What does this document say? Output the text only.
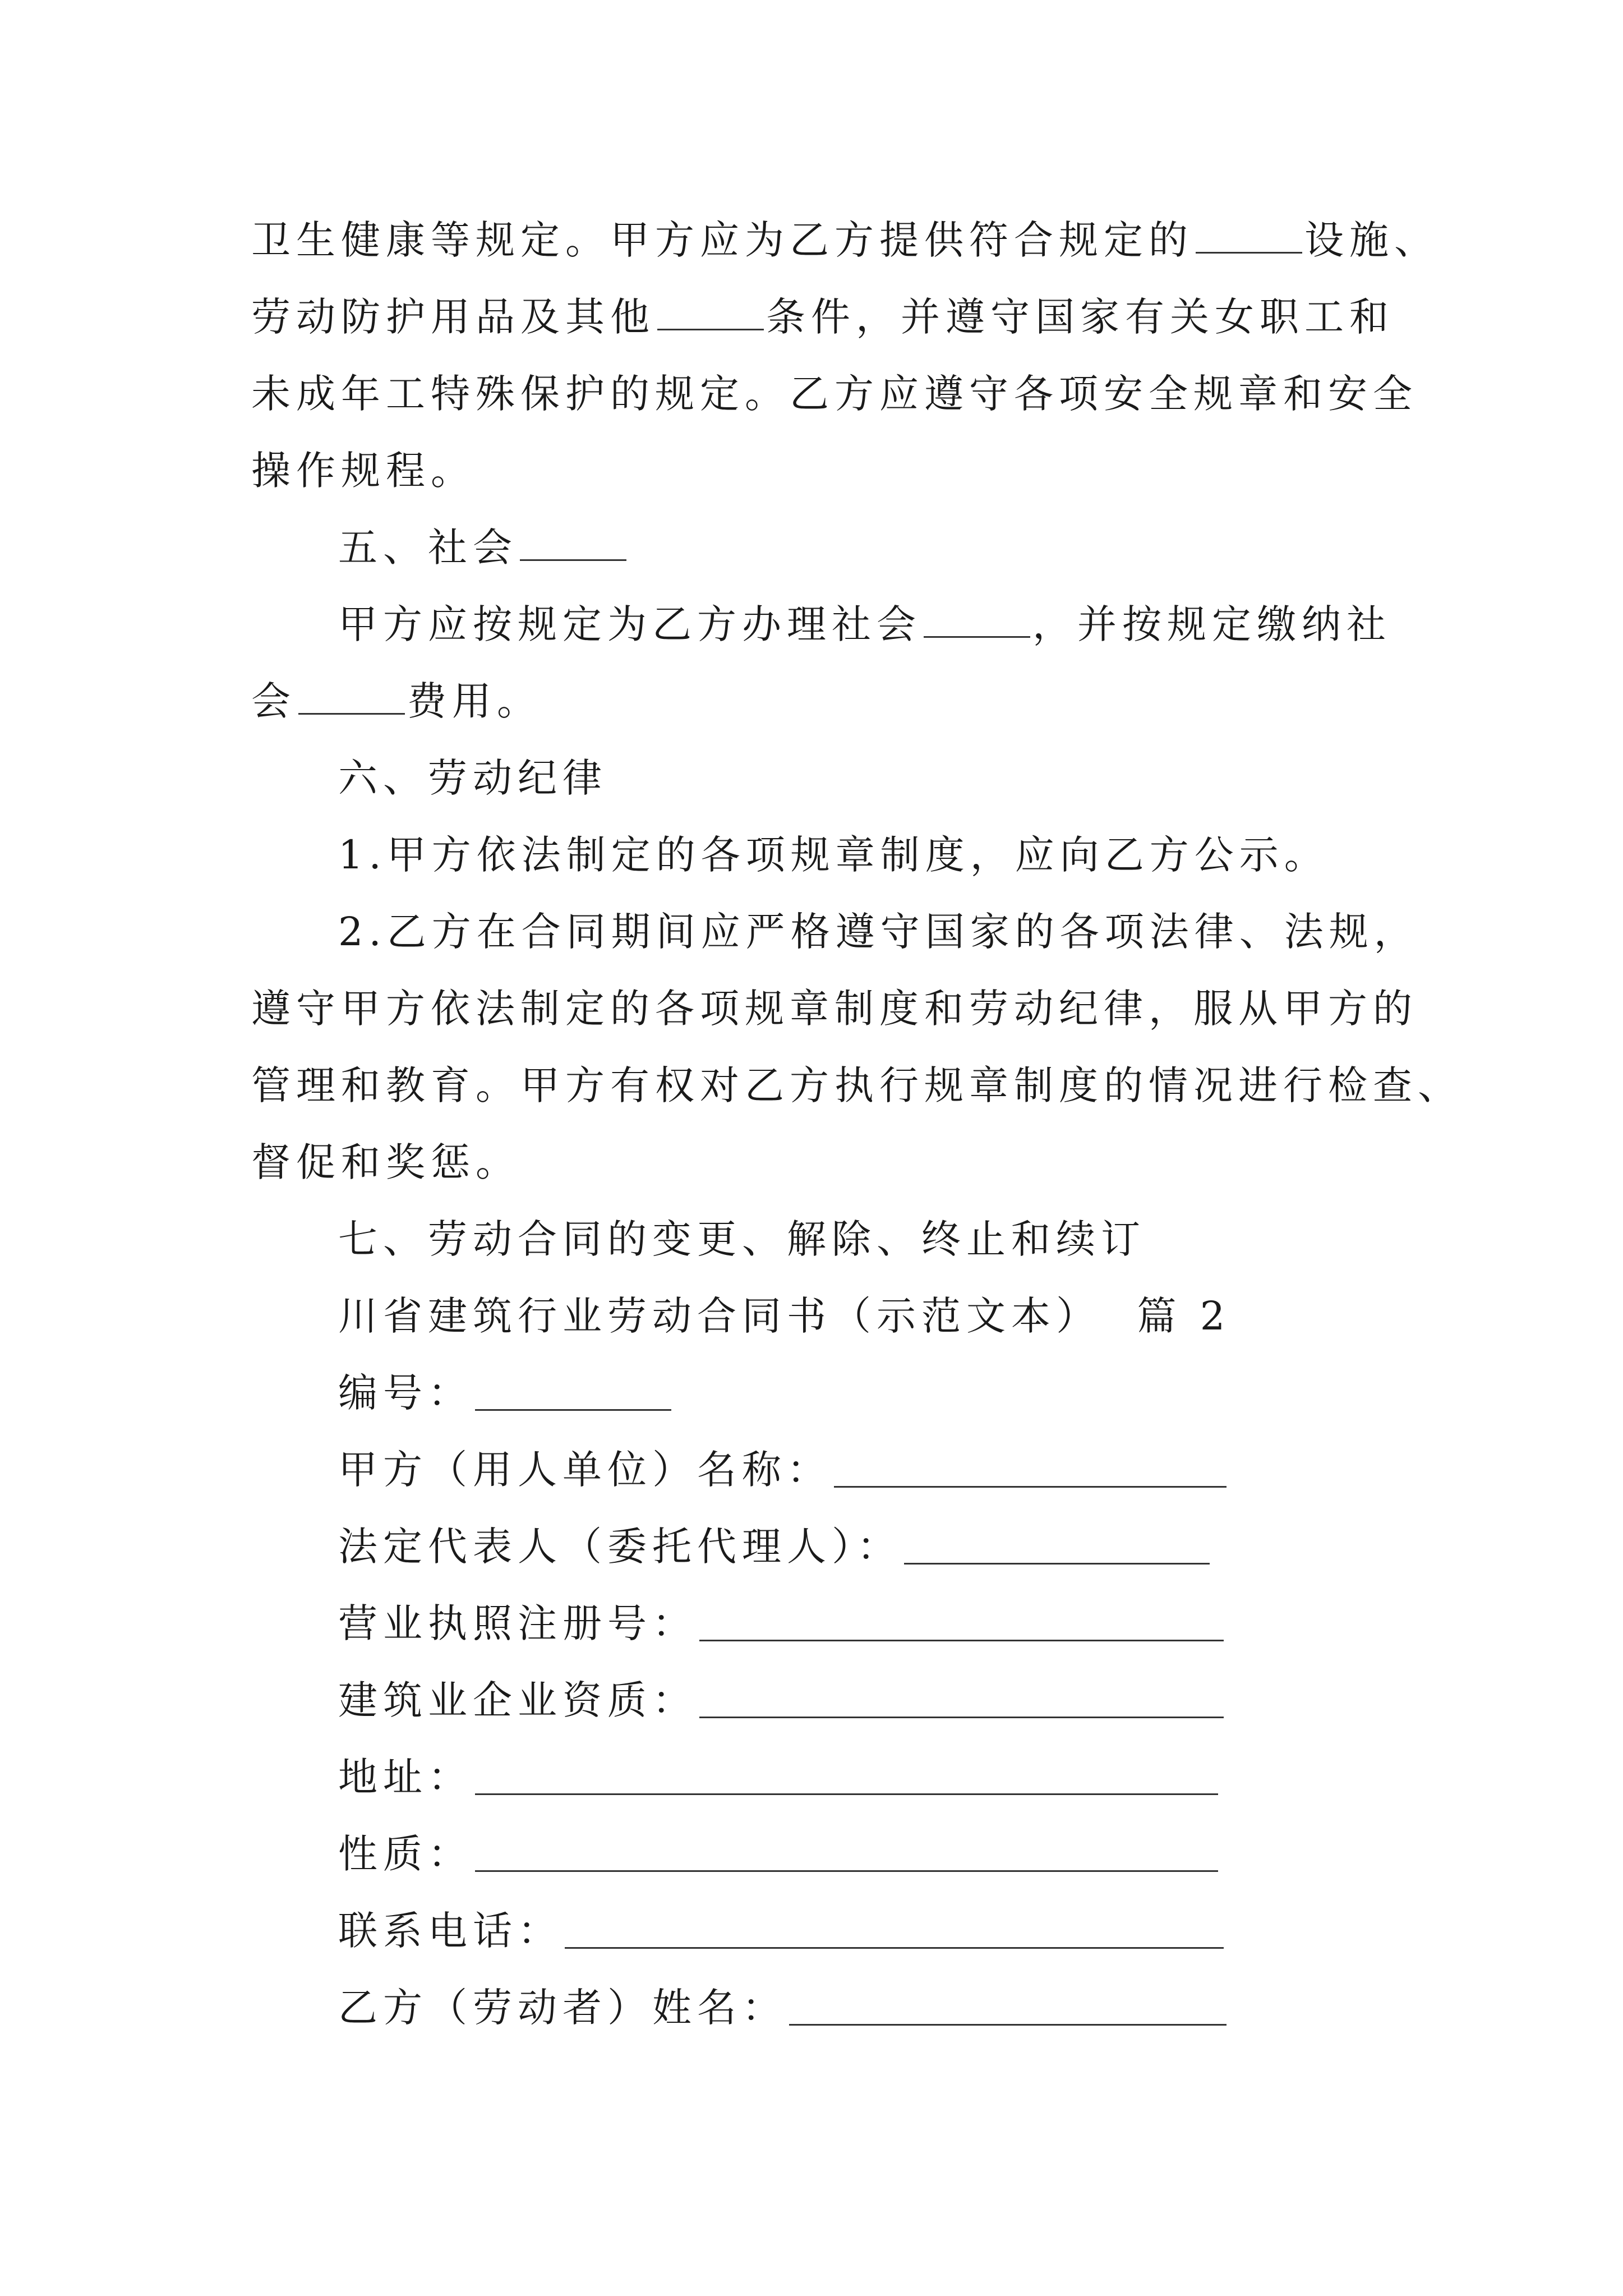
卫生健康等规定。甲方应为乙方提供符合规定的	设施、
劳动防护用品及其他	条件，并遵守国家有关女职工和
未成年工特殊保护的规定。乙方应遵守各项安全规章和安全
操作规程。
五、社会
甲方应按规定为乙方办理社会	，并按规定缴纳社
会	费用。
六、劳动纪律
1.甲方依法制定的各项规章制度，应向乙方公示。
2.乙方在合同期间应严格遵守国家的各项法律、法规，
遵守甲方依法制定的各项规章制度和劳动纪律，服从甲方的
管理和教育。甲方有权对乙方执行规章制度的情况进行检查、
督促和奖惩。
七、劳动合同的变更、解除、终止和续订
川省建筑行业劳动合同书（示范文本）  篇 2
编号：
甲方（用人单位）名称：
法定代表人（委托代理人）：
营业执照注册号：
建筑业企业资质：
地址：
性质：
联系电话：
乙方（劳动者）姓名：
